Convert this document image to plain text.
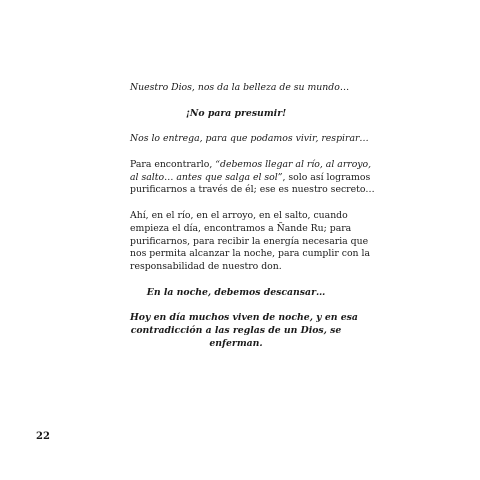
Nuestro Dios, nos da la belleza de su mundo…

¡No para presumir!

Nos lo entrega, para que podamos vivir, respirar…

Para encontrarlo, “debemos llegar al río, al arroyo,

al salto… antes que salga el sol”, solo así logramos

purificarnos a través de él; ese es nuestro secreto…

Ahí, en el río, en el arroyo, en el salto, cuando

empieza el día, encontramos a Ñande Ru; para

purificarnos, para recibir la energía necesaria que

nos permita alcanzar la noche, para cumplir con la

responsabilidad de nuestro don.

En la noche, debemos descansar…

Hoy en día muchos viven de noche, y en esa

contradicción a las reglas de un Dios, se

enferman.

22
